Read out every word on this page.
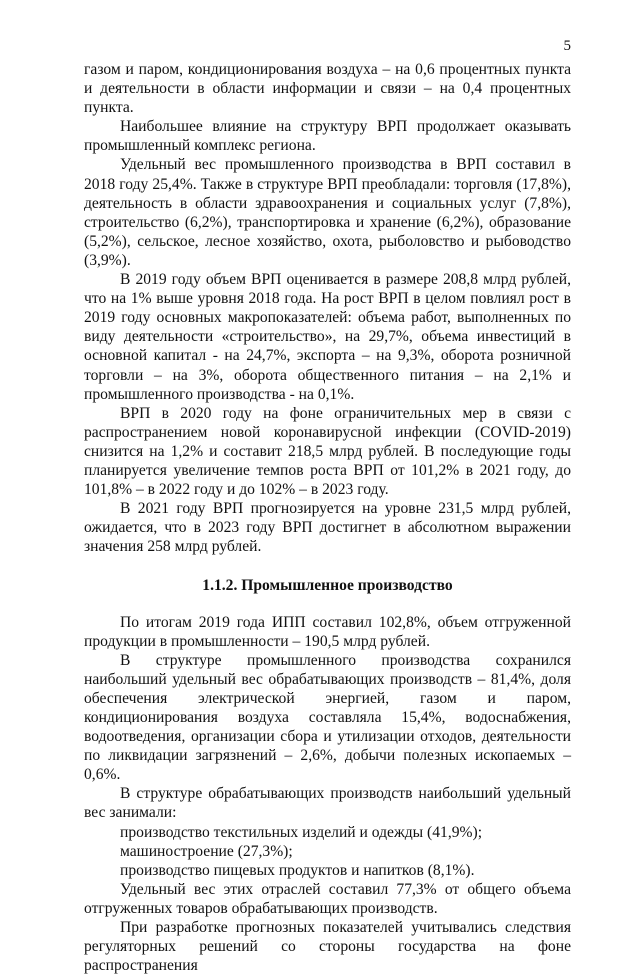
5

газом и паром, кондиционирования воздуха – на 0,6 процентных пункта и деятельности в области информации и связи – на 0,4 процентных пункта.

Наибольшее влияние на структуру ВРП продолжает оказывать промышленный комплекс региона.

Удельный вес промышленного производства в ВРП составил в 2018 году 25,4%. Также в структуре ВРП преобладали: торговля (17,8%), деятельность в области здравоохранения и социальных услуг (7,8%), строительство (6,2%), транспортировка и хранение (6,2%), образование (5,2%), сельское, лесное хозяйство, охота, рыболовство и рыбоводство (3,9%).

В 2019 году объем ВРП оценивается в размере 208,8 млрд рублей, что на 1% выше уровня 2018 года. На рост ВРП в целом повлиял рост в 2019 году основных макропоказателей: объема работ, выполненных по виду деятельности «строительство», на 29,7%, объема инвестиций в основной капитал - на 24,7%, экспорта – на 9,3%, оборота розничной торговли – на 3%, оборота общественного питания – на 2,1% и промышленного производства - на 0,1%.

ВРП в 2020 году на фоне ограничительных мер в связи с распространением новой коронавирусной инфекции (COVID-2019) снизится на 1,2% и составит 218,5 млрд рублей. В последующие годы планируется увеличение темпов роста ВРП от 101,2% в 2021 году, до 101,8% – в 2022 году и до 102% – в 2023 году.

В 2021 году ВРП прогнозируется на уровне 231,5 млрд рублей, ожидается, что в 2023 году ВРП достигнет в абсолютном выражении значения 258 млрд рублей.

1.1.2. Промышленное производство

По итогам 2019 года ИПП составил 102,8%, объем отгруженной продукции в промышленности – 190,5 млрд рублей.

В структуре промышленного производства сохранился наибольший удельный вес обрабатывающих производств – 81,4%, доля обеспечения электрической энергией, газом и паром, кондиционирования воздуха составляла 15,4%, водоснабжения, водоотведения, организации сбора и утилизации отходов, деятельности по ликвидации загрязнений – 2,6%, добычи полезных ископаемых – 0,6%.

В структуре обрабатывающих производств наибольший удельный вес занимали:

производство текстильных изделий и одежды (41,9%);

машиностроение (27,3%);

производство пищевых продуктов и напитков (8,1%).

Удельный вес этих отраслей составил 77,3% от общего объема отгруженных товаров обрабатывающих производств.

При разработке прогнозных показателей учитывались следствия регуляторных решений со стороны государства на фоне распространения
